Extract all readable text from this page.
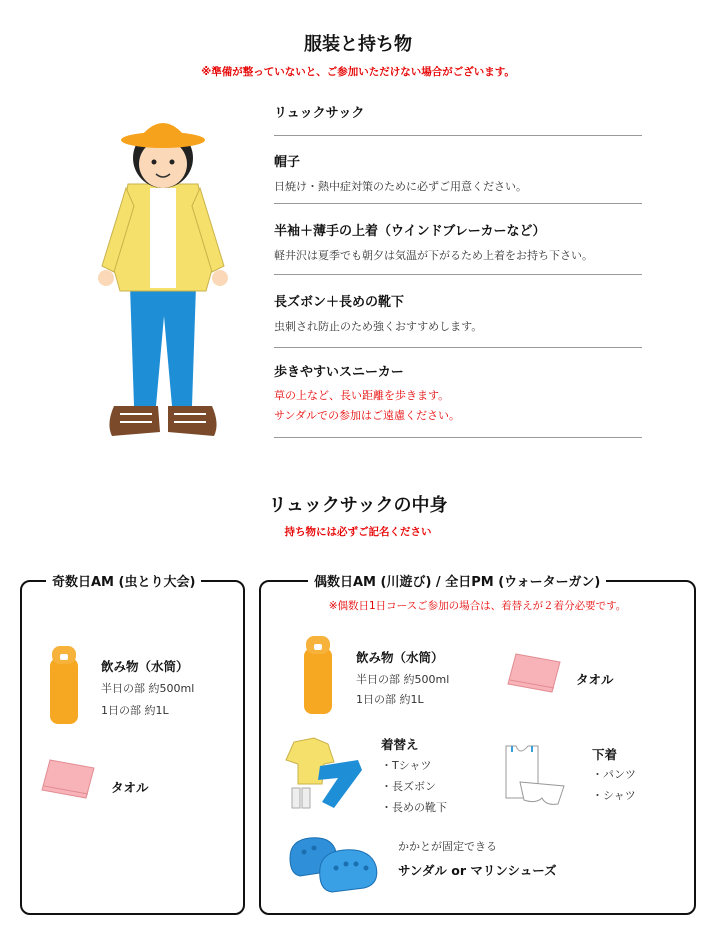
服装と持ち物
※準備が整っていないと、ご参加いただけない場合がございます。
リュックサック
帽子
日焼け・熱中症対策のために必ずご用意ください。
半袖＋薄手の上着（ウインドブレーカーなど）
軽井沢は夏季でも朝夕は気温が下がるため上着をお持ち下さい。
長ズボン＋長めの靴下
虫刺され防止のため強くおすすめします。
歩きやすいスニーカー
草の上など、長い距離を歩きます。
サンダルでの参加はご遠慮ください。
リュックサックの中身
持ち物には必ずご記名ください
奇数日AM (虫とり大会)
飲み物（水筒）
半日の部 約500ml
1日の部 約1L
タオル
偶数日AM (川遊び) / 全日PM (ウォーターガン)
※偶数日1日コースご参加の場合は、着替えが２着分必要です。
飲み物（水筒）
半日の部 約500ml
1日の部 約1L
タオル
着替え
・Tシャツ
・長ズボン
・長めの靴下
下着
・パンツ
・シャツ
かかとが固定できる
サンダル or マリンシューズ
